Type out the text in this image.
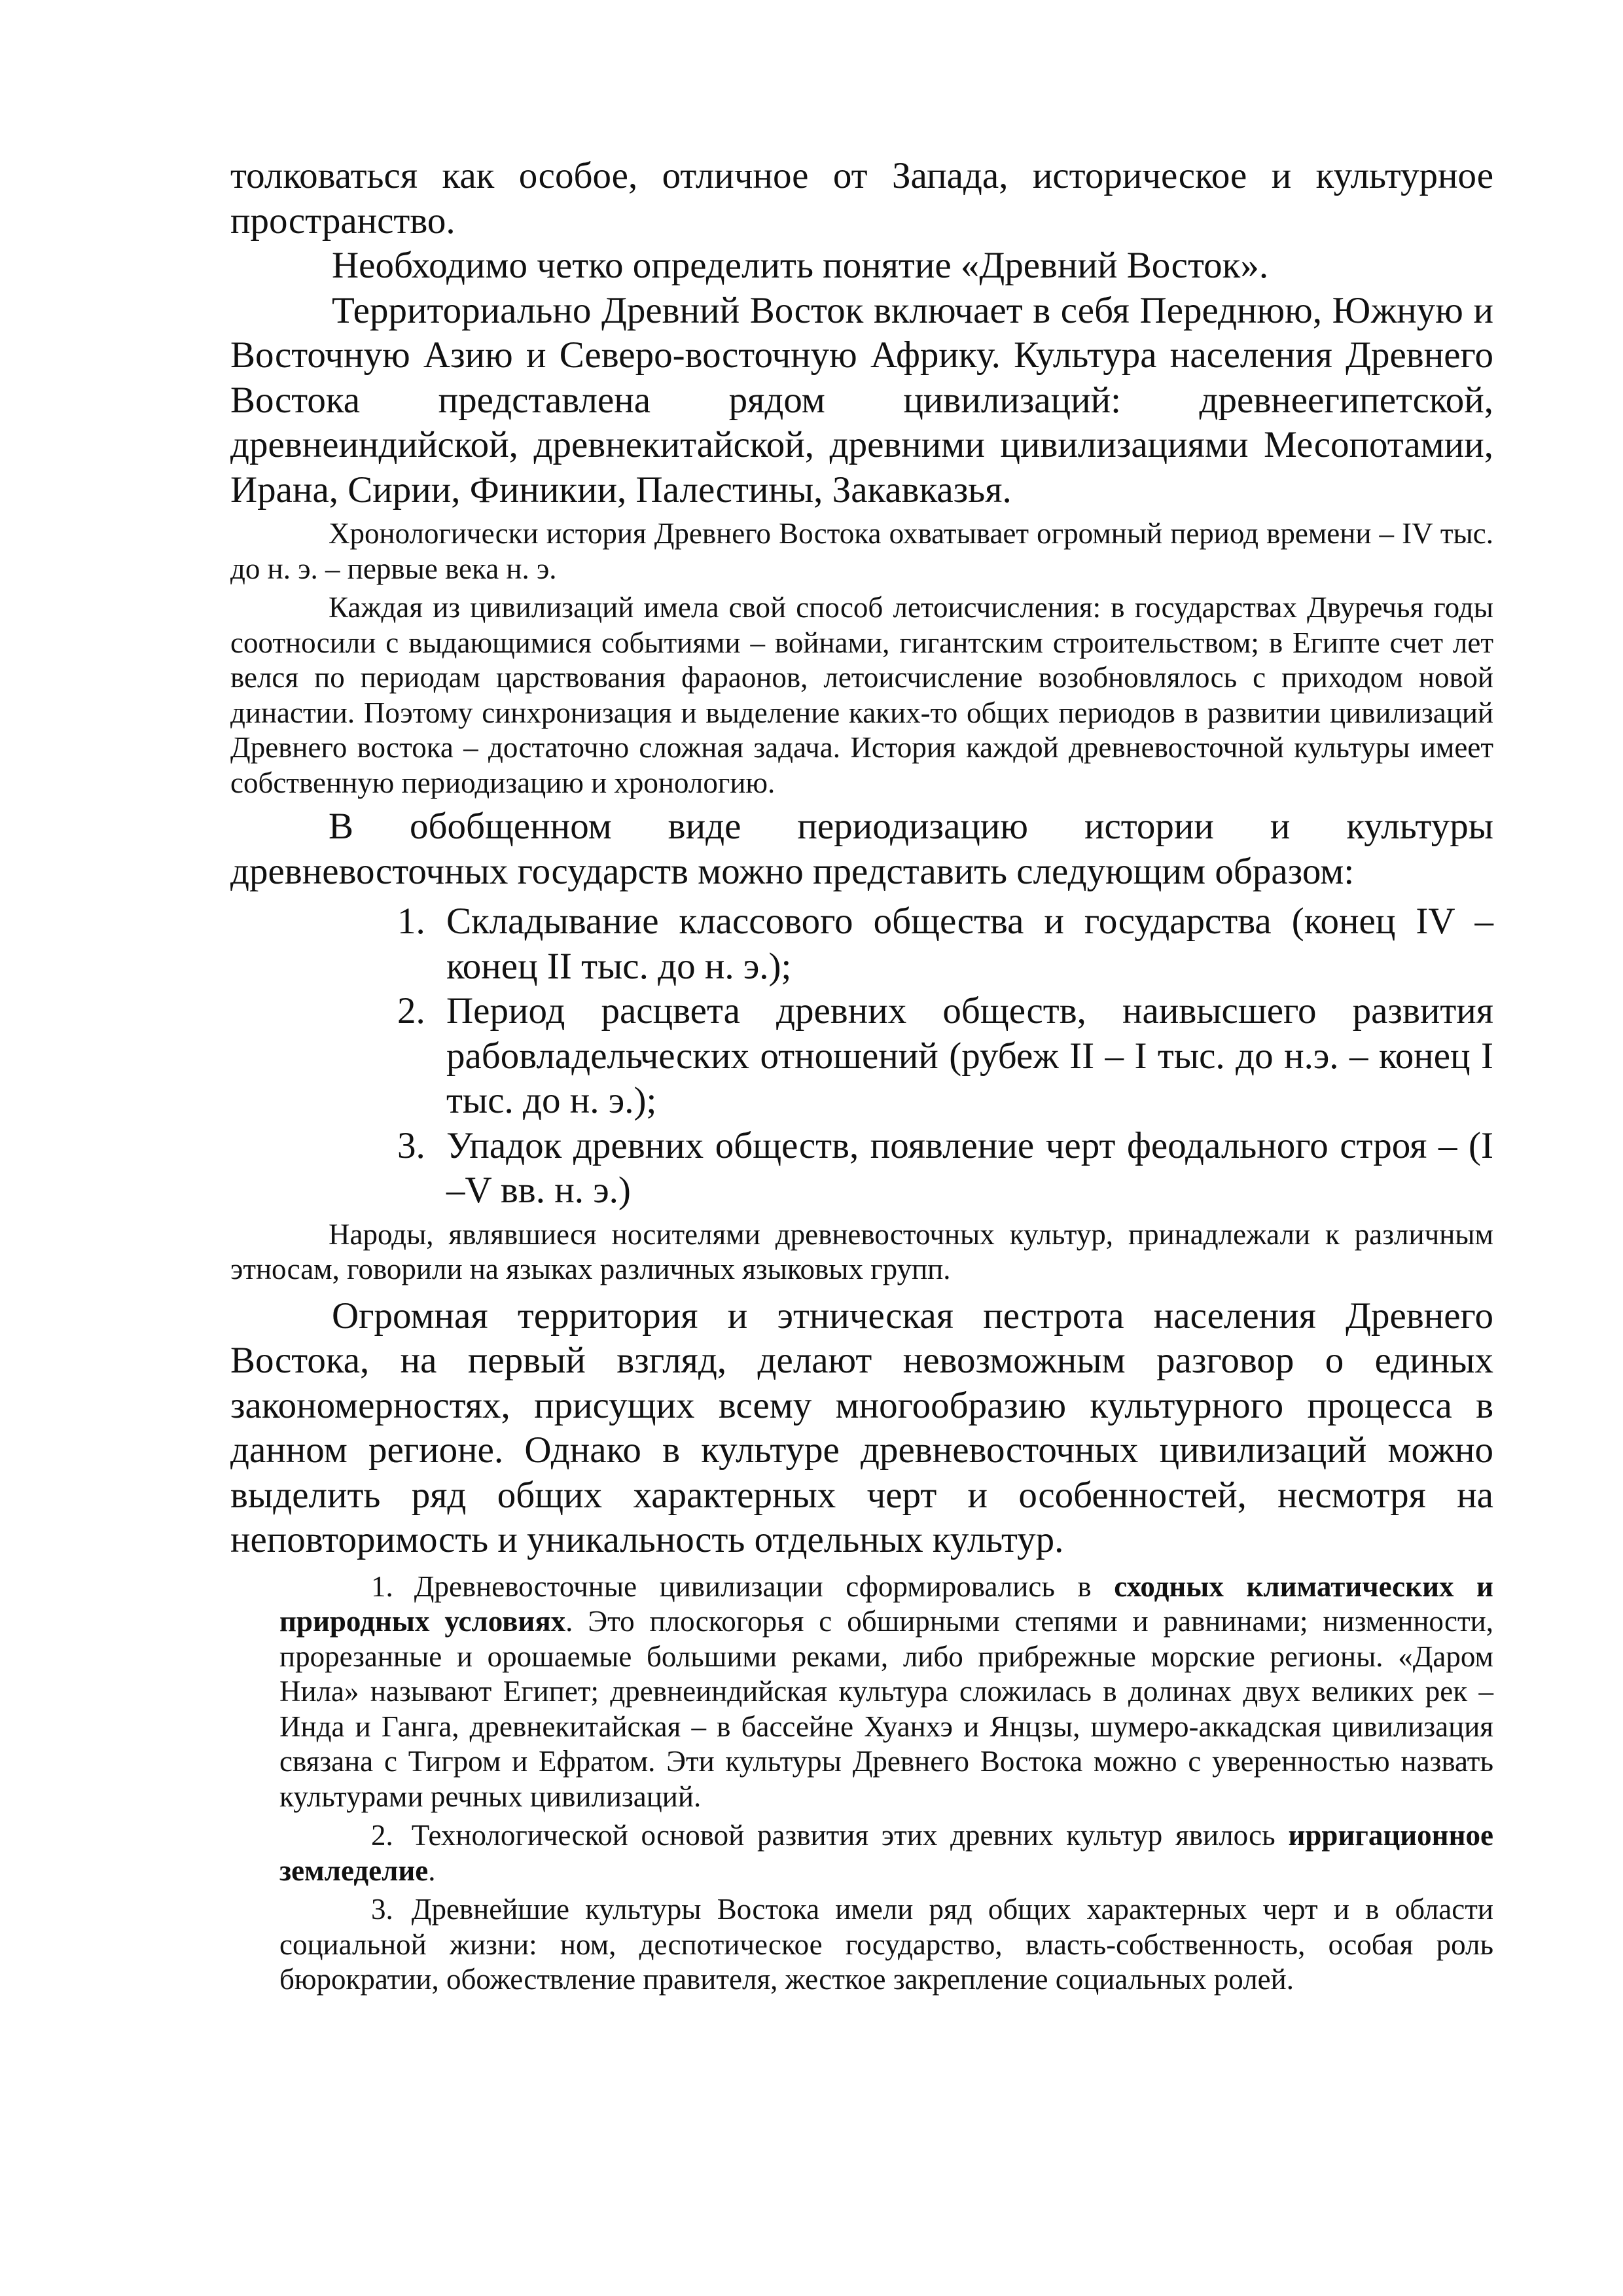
толковаться как особое, отличное от Запада, историческое и культурное пространство.

Необходимо четко определить понятие «Древний Восток».

Территориально Древний Восток включает в себя Переднюю, Южную и Восточную Азию и Северо-восточную Африку. Культура населения Древнего Востока представлена рядом цивилизаций: древнеегипетской, древнеиндийской, древнекитайской, древними цивилизациями Месопотамии, Ирана, Сирии, Финикии, Палестины, Закавказья.

Хронологически история Древнего Востока охватывает огромный период времени – IV тыс. до н. э. – первые века н. э.

Каждая из цивилизаций имела свой способ летоисчисления: в государствах Двуречья годы соотносили с выдающимися событиями – войнами, гигантским строительством; в Египте счет лет велся по периодам царствования фараонов, летоисчисление возобновлялось с приходом новой династии. Поэтому синхронизация и выделение каких-то общих периодов в развитии цивилизаций Древнего востока – достаточно сложная задача. История каждой древневосточной культуры имеет собственную периодизацию и хронологию.

В обобщенном виде периодизацию истории и культуры древневосточных государств можно представить следующим образом:

1. Складывание классового общества и государства (конец IV – конец II тыс. до н. э.);
2. Период расцвета древних обществ, наивысшего развития рабовладельческих отношений (рубеж II – I тыс. до н.э. – конец I тыс. до н. э.);
3. Упадок древних обществ, появление черт феодального строя – (I –V вв. н. э.)

Народы, являвшиеся носителями древневосточных культур, принадлежали к различным этносам, говорили на языках различных языковых групп.

Огромная территория и этническая пестрота населения Древнего Востока, на первый взгляд, делают невозможным разговор о единых закономерностях, присущих всему многообразию культурного процесса в данном регионе. Однако в культуре древневосточных цивилизаций можно выделить ряд общих характерных черт и особенностей, несмотря на неповторимость и уникальность отдельных культур.

1. Древневосточные цивилизации сформировались в сходных климатических и природных условиях. Это плоскогорья с обширными степями и равнинами; низменности, прорезанные и орошаемые большими реками, либо прибрежные морские регионы. «Даром Нила» называют Египет; древнеиндийская культура сложилась в долинах двух великих рек – Инда и Ганга, древнекитайская – в бассейне Хуанхэ и Янцзы, шумеро-аккадская цивилизация связана с Тигром и Ефратом. Эти культуры Древнего Востока можно с уверенностью назвать культурами речных цивилизаций.

2. Технологической основой развития этих древних культур явилось ирригационное земледелие.

3. Древнейшие культуры Востока имели ряд общих характерных черт и в области социальной жизни: ном, деспотическое государство, власть-собственность, особая роль бюрократии, обожествление правителя, жесткое закрепление социальных ролей.
